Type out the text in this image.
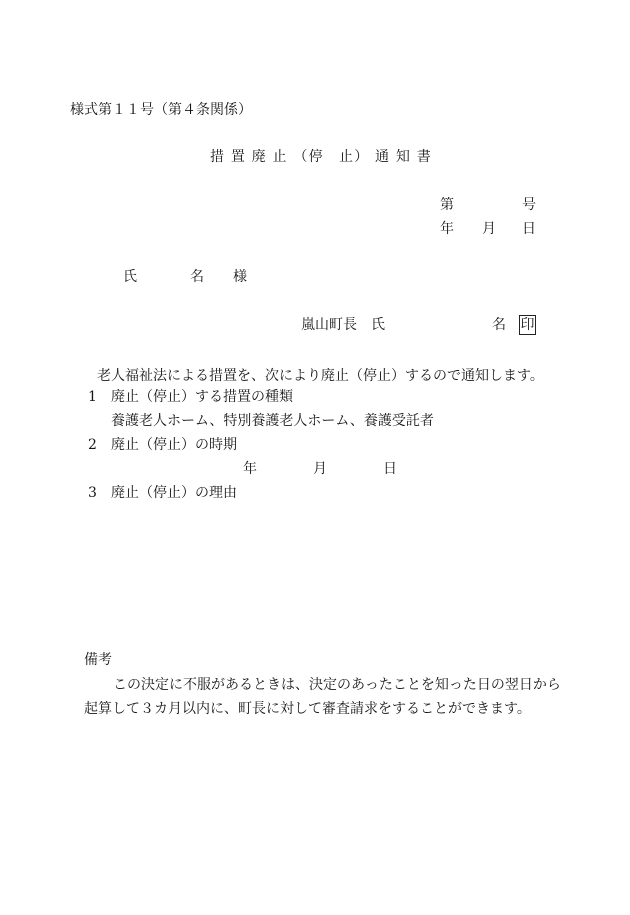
様式第１１号（第４条関係）
措 置 廃 止 （停　止） 通 知 書
第	号
年 月 日
氏	名 様
嵐山町長　氏	名 印
老人福祉法による措置を、次により廃止（停止）するので通知します。
1 廃止（停止）する措置の種類
養護老人ホーム、特別養護老人ホーム、養護受託者
2 廃止（停止）の時期
年	月	日
3 廃止（停止）の理由
備考
この決定に不服があるときは、決定のあったことを知った日の翌日から
起算して３カ月以内に、町長に対して審査請求をすることができます。
